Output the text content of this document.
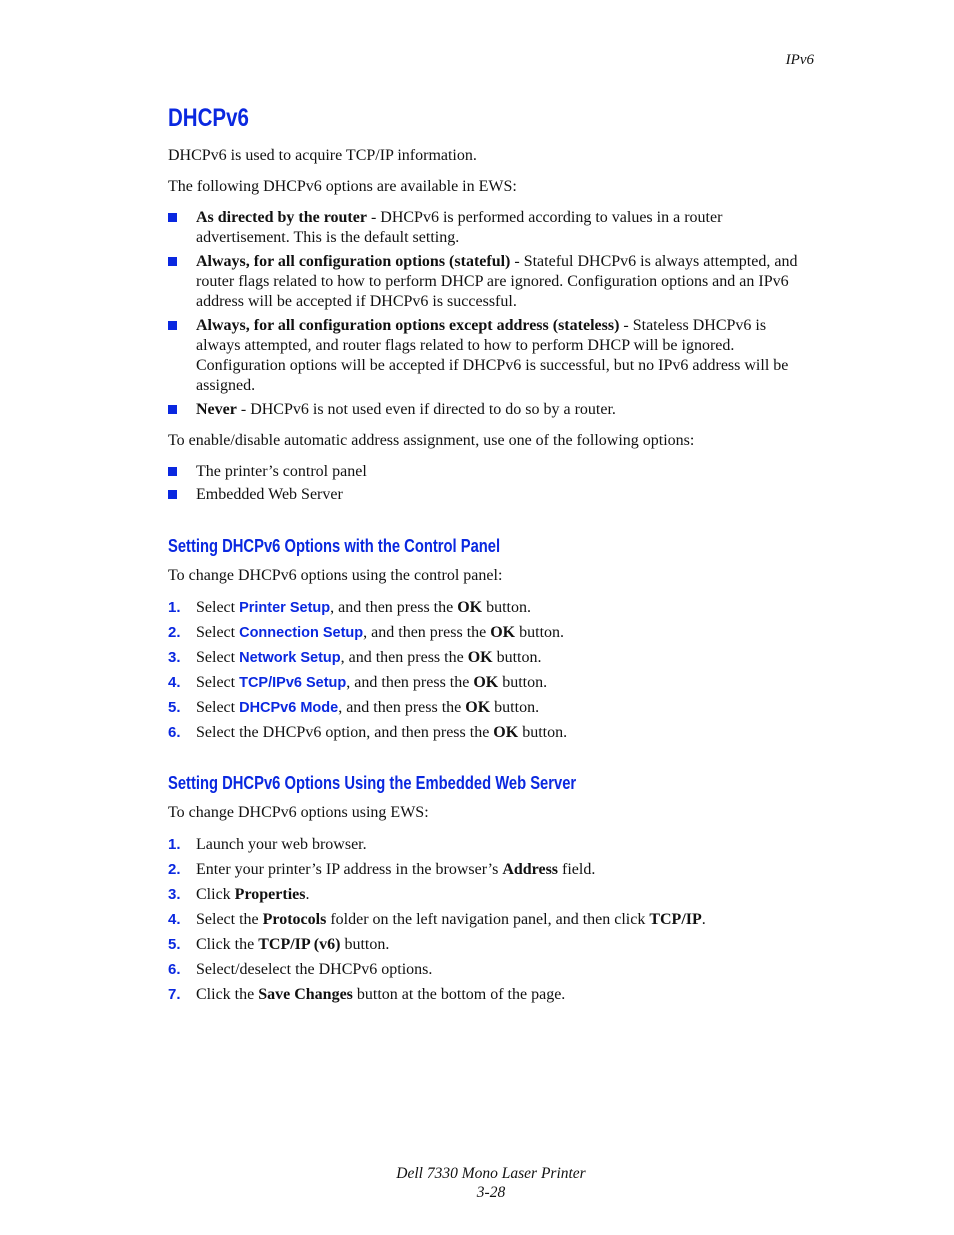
IPv6
DHCPv6
DHCPv6 is used to acquire TCP/IP information.
The following DHCPv6 options are available in EWS:
As directed by the router - DHCPv6 is performed according to values in a router advertisement. This is the default setting.
Always, for all configuration options (stateful) - Stateful DHCPv6 is always attempted, and router flags related to how to perform DHCP are ignored. Configuration options and an IPv6 address will be accepted if DHCPv6 is successful.
Always, for all configuration options except address (stateless) - Stateless DHCPv6 is always attempted, and router flags related to how to perform DHCP will be ignored. Configuration options will be accepted if DHCPv6 is successful, but no IPv6 address will be assigned.
Never - DHCPv6 is not used even if directed to do so by a router.
To enable/disable automatic address assignment, use one of the following options:
The printer’s control panel
Embedded Web Server
Setting DHCPv6 Options with the Control Panel
To change DHCPv6 options using the control panel:
1. Select Printer Setup, and then press the OK button.
2. Select Connection Setup, and then press the OK button.
3. Select Network Setup, and then press the OK button.
4. Select TCP/IPv6 Setup, and then press the OK button.
5. Select DHCPv6 Mode, and then press the OK button.
6. Select the DHCPv6 option, and then press the OK button.
Setting DHCPv6 Options Using the Embedded Web Server
To change DHCPv6 options using EWS:
1. Launch your web browser.
2. Enter your printer’s IP address in the browser’s Address field.
3. Click Properties.
4. Select the Protocols folder on the left navigation panel, and then click TCP/IP.
5. Click the TCP/IP (v6) button.
6. Select/deselect the DHCPv6 options.
7. Click the Save Changes button at the bottom of the page.
Dell 7330 Mono Laser Printer
3-28
